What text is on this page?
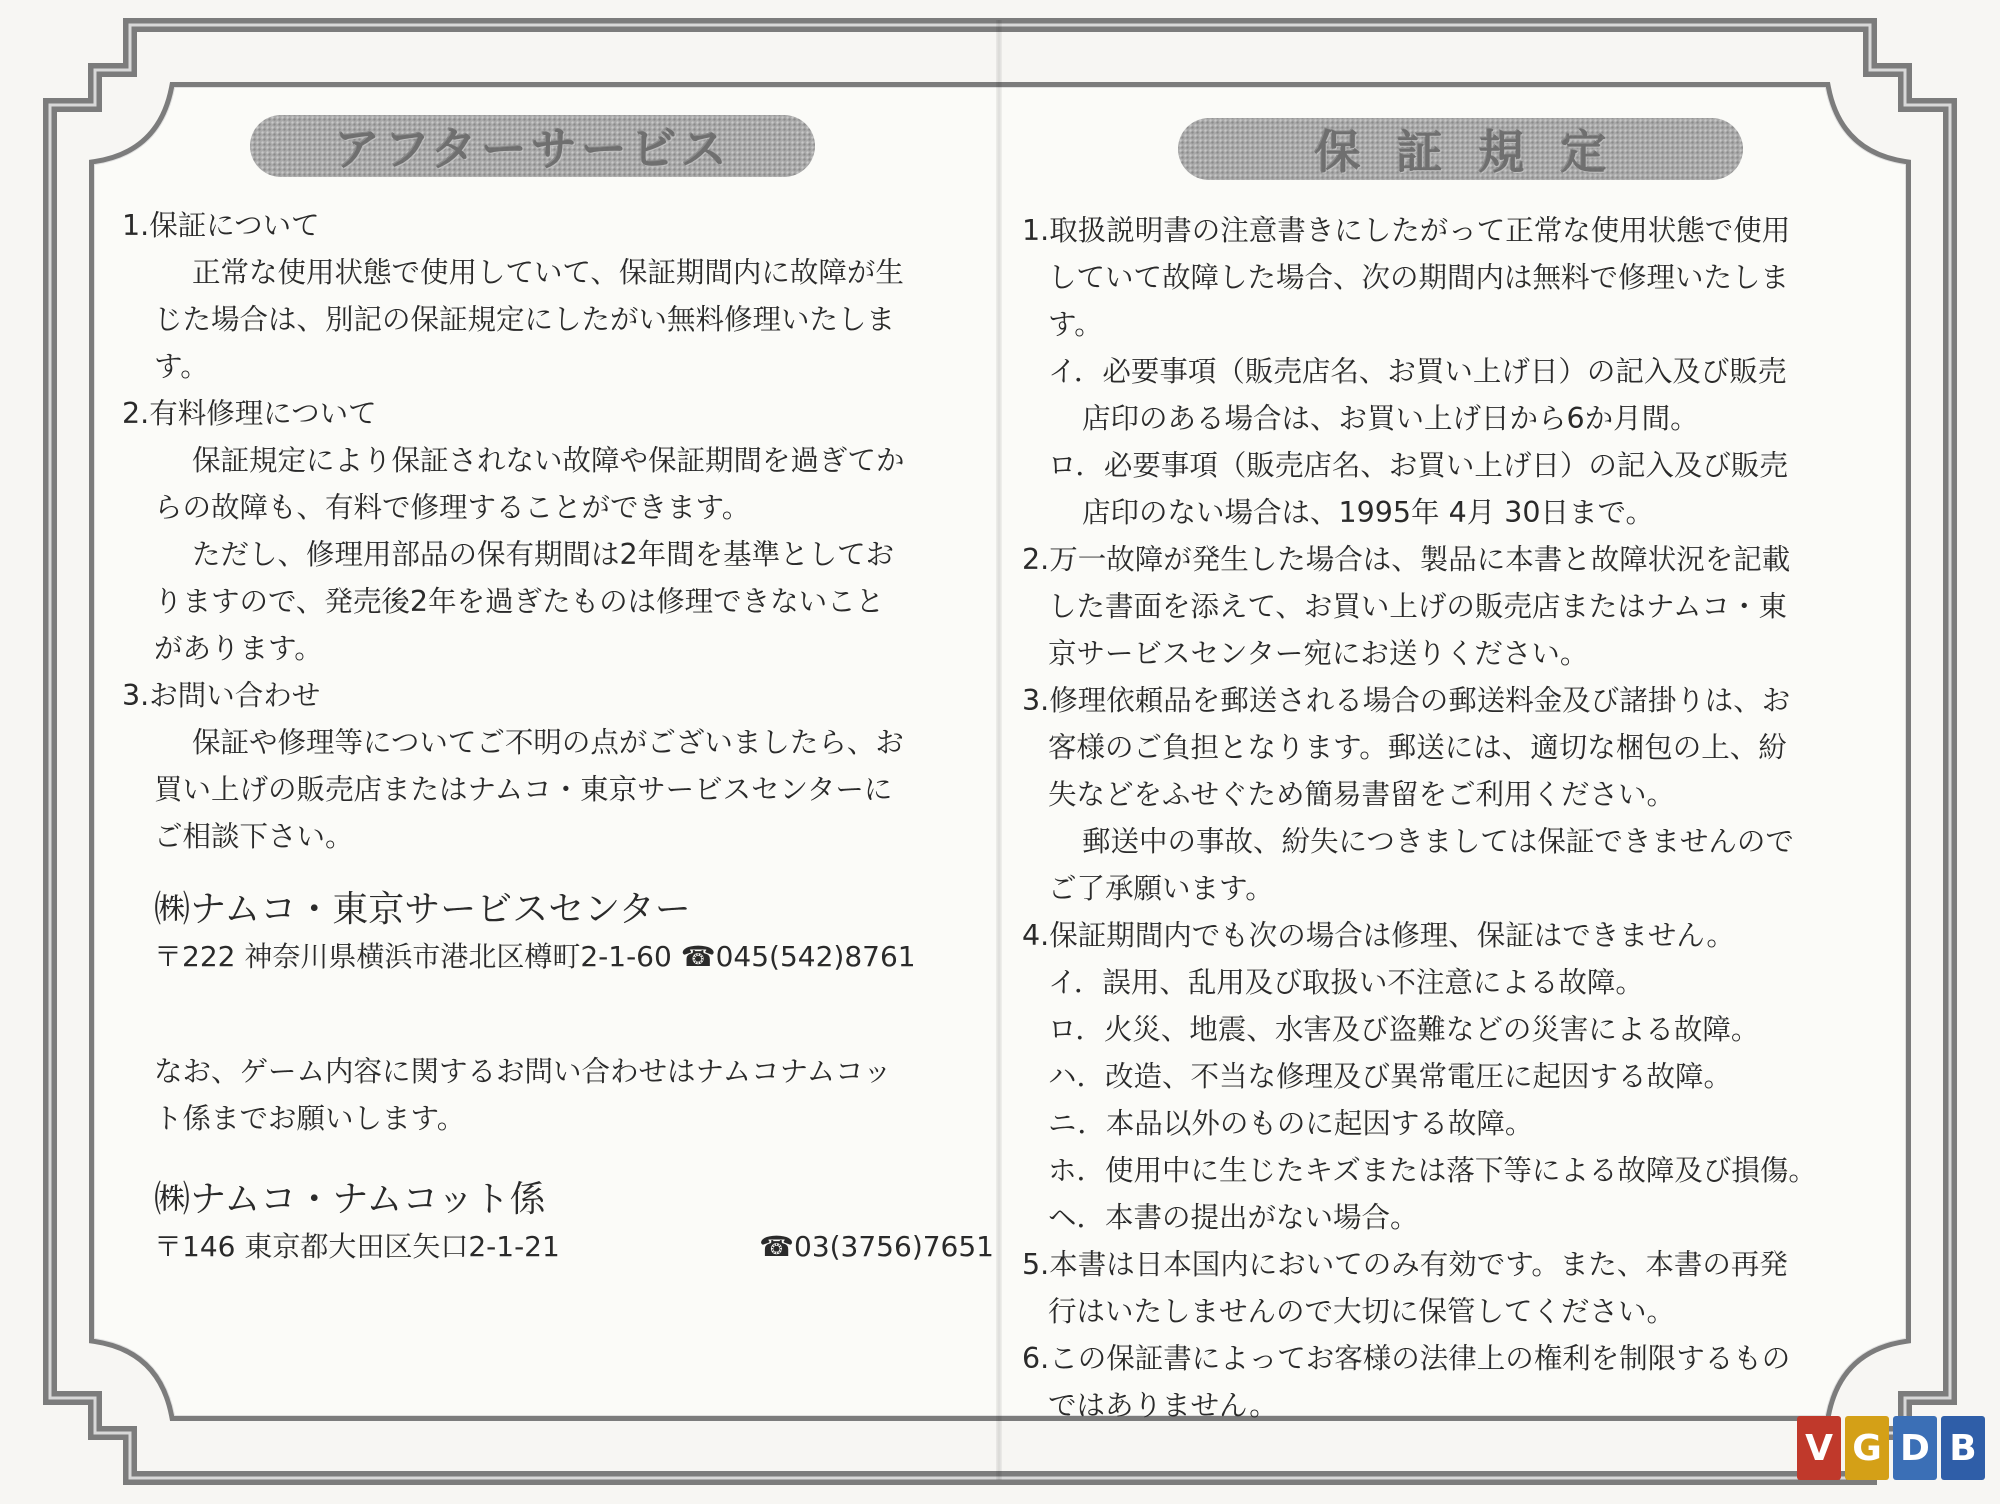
アフターサービス
1.保証について
正常な使用状態で使用していて、保証期間内に故障が生
じた場合は、別記の保証規定にしたがい無料修理いたしま
す。
2.有料修理について
保証規定により保証されない故障や保証期間を過ぎてか
らの故障も、有料で修理することができます。
ただし、修理用部品の保有期間は2年間を基準としてお
りますので、発売後2年を過ぎたものは修理できないこと
があります。
3.お問い合わせ
保証や修理等についてご不明の点がございましたら、お
買い上げの販売店またはナムコ・東京サービスセンターに
ご相談下さい。
㈱ナムコ・東京サービスセンター
〒222 神奈川県横浜市港北区樽町2-1-60 ☎045(542)8761
なお、ゲーム内容に関するお問い合わせはナムコナムコッ
ト係までお願いします。
㈱ナムコ・ナムコット係
〒146 東京都大田区矢口2-1-21	☎03(3756)7651
保証規定
1.取扱説明書の注意書きにしたがって正常な使用状態で使用
していて故障した場合、次の期間内は無料で修理いたしま
す。
イ．必要事項（販売店名、お買い上げ日）の記入及び販売
店印のある場合は、お買い上げ日から6か月間。
ロ．必要事項（販売店名、お買い上げ日）の記入及び販売
店印のない場合は、1995年 4月 30日まで。
2.万一故障が発生した場合は、製品に本書と故障状況を記載
した書面を添えて、お買い上げの販売店またはナムコ・東
京サービスセンター宛にお送りください。
3.修理依頼品を郵送される場合の郵送料金及び諸掛りは、お
客様のご負担となります。郵送には、適切な梱包の上、紛
失などをふせぐため簡易書留をご利用ください。
郵送中の事故、紛失につきましては保証できませんので
ご了承願います。
4.保証期間内でも次の場合は修理、保証はできません。
イ．誤用、乱用及び取扱い不注意による故障。
ロ．火災、地震、水害及び盗難などの災害による故障。
ハ．改造、不当な修理及び異常電圧に起因する故障。
ニ．本品以外のものに起因する故障。
ホ．使用中に生じたキズまたは落下等による故障及び損傷。
ヘ．本書の提出がない場合。
5.本書は日本国内においてのみ有効です。また、本書の再発
行はいたしませんので大切に保管してください。
6.この保証書によってお客様の法律上の権利を制限するもの
ではありません。
V G D B
